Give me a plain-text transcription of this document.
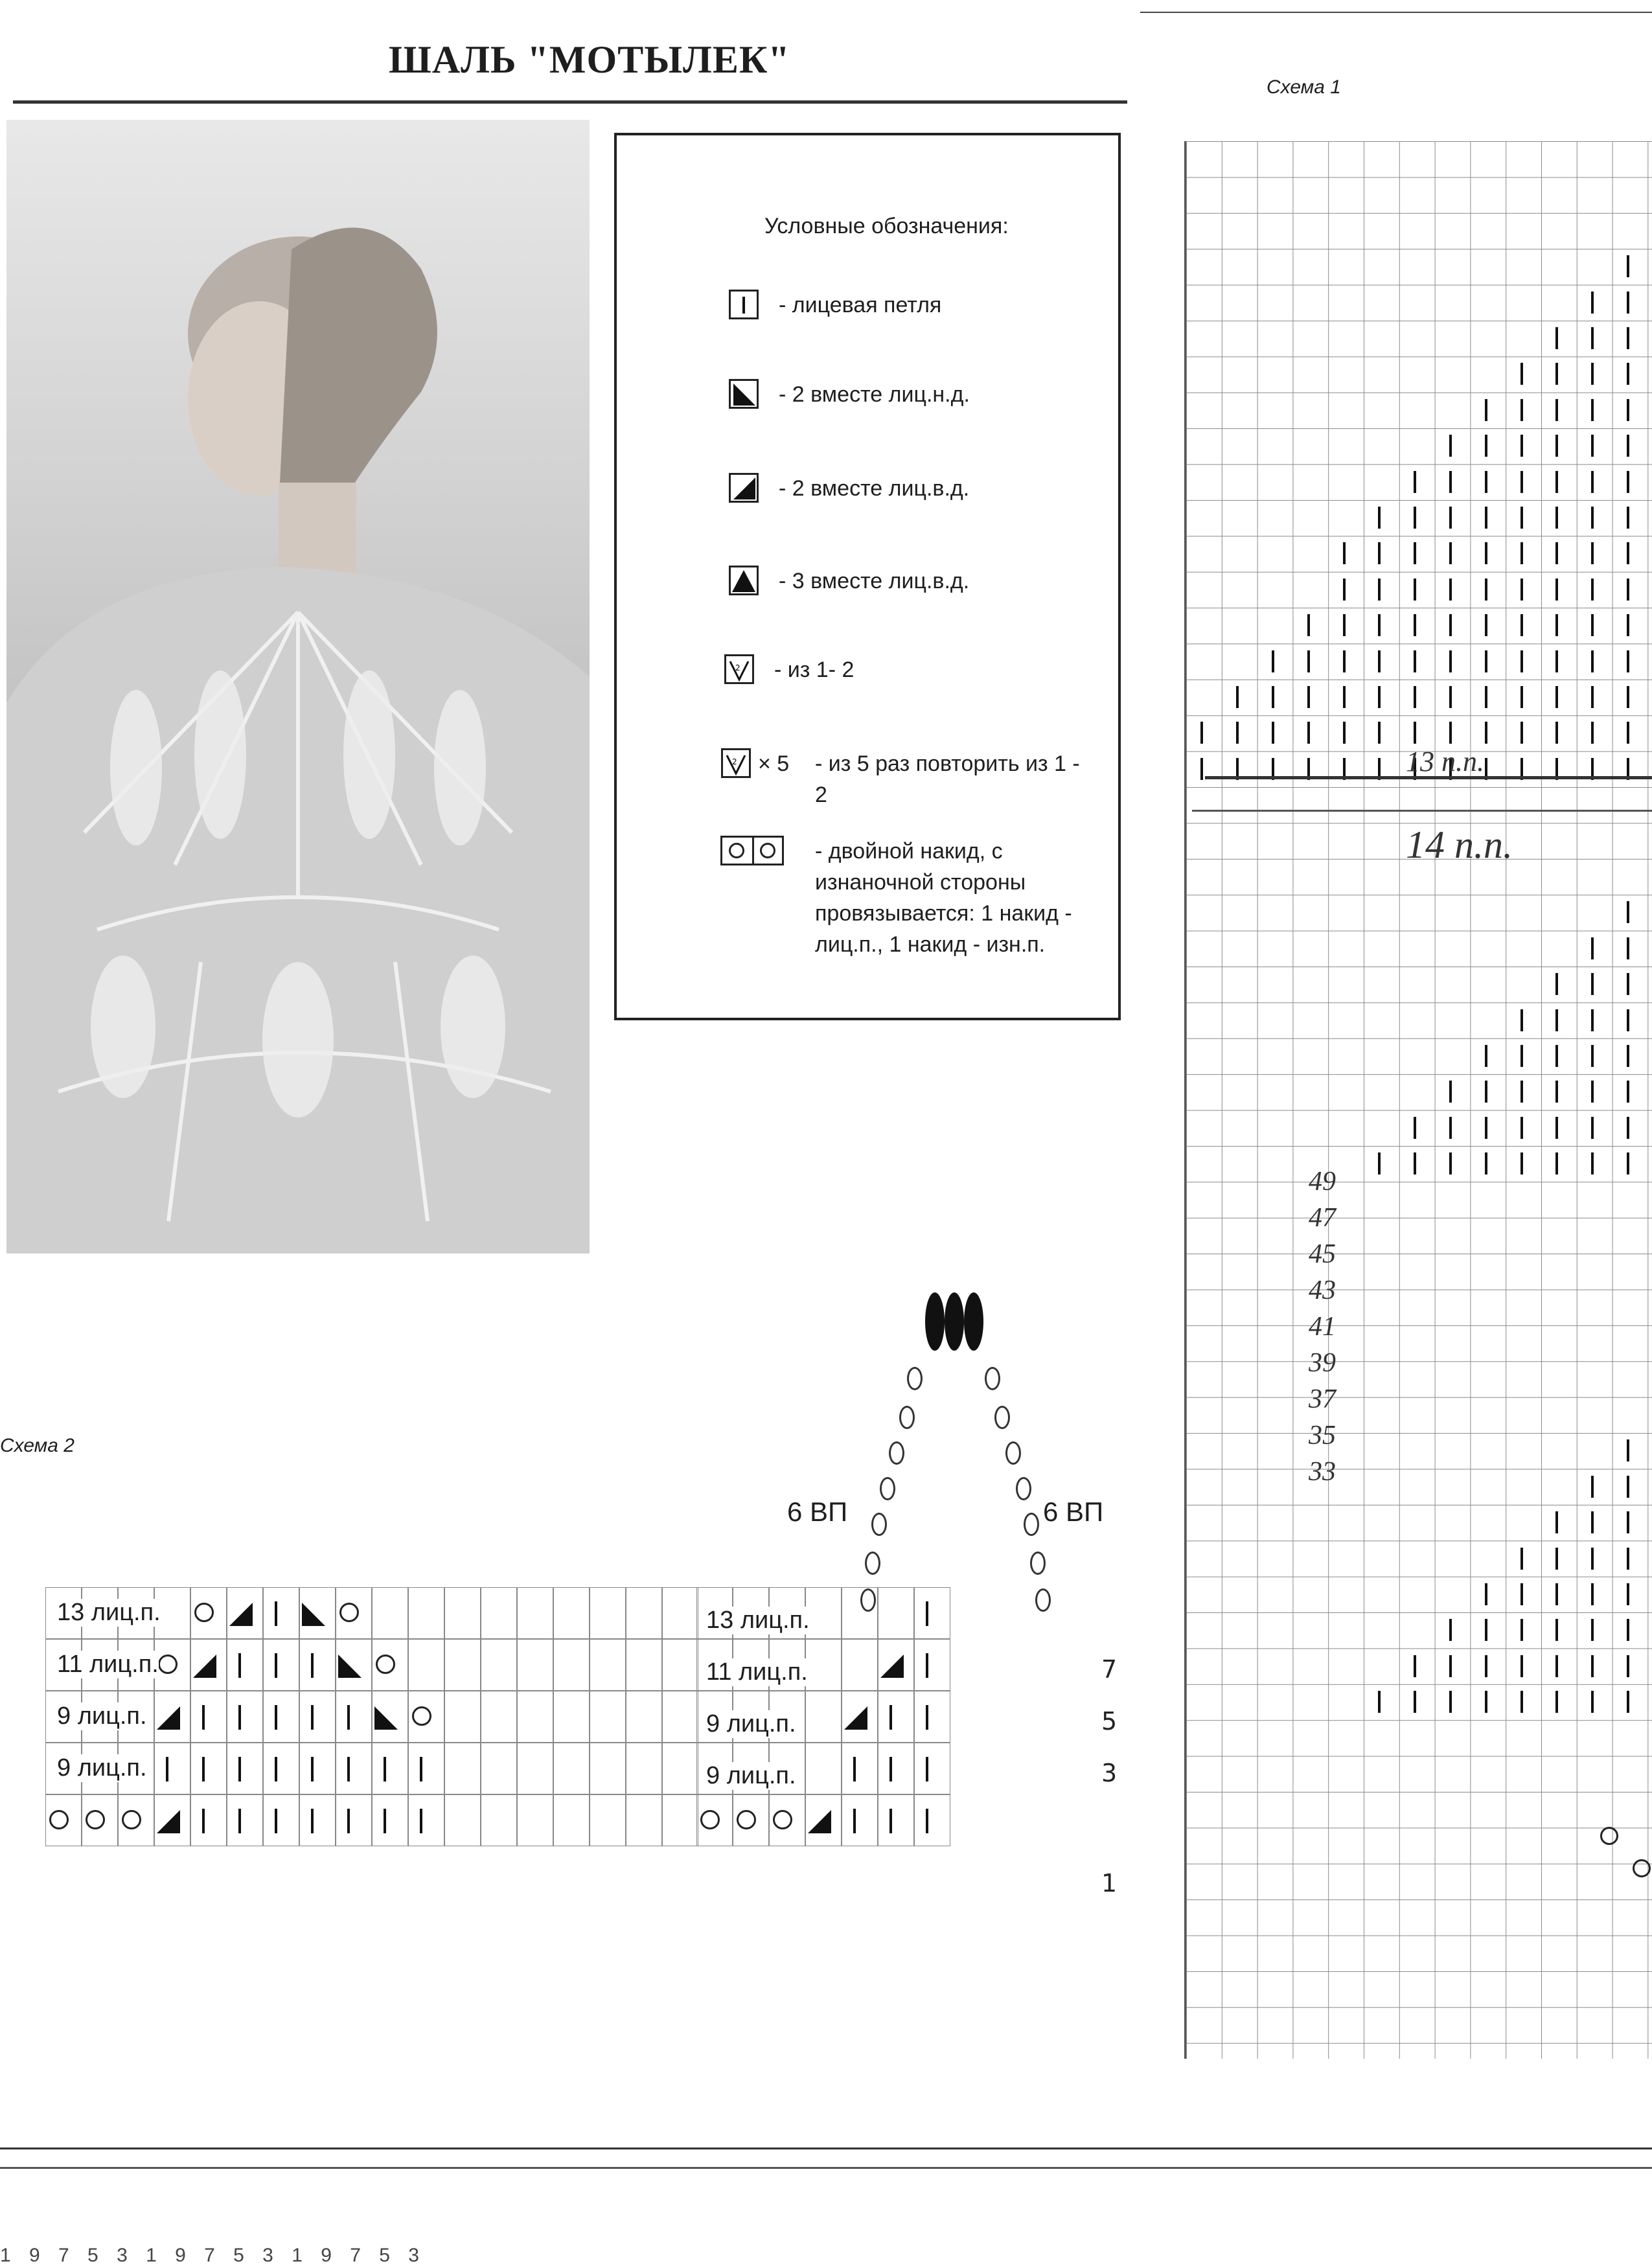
ШАЛЬ "МОТЫЛЕК"
Условные обозначения:
- лицевая петля
- 2 вместе лиц.н.д.
- 2 вместе лиц.в.д.
- 3 вместе лиц.в.д.
2 - из 1- 2
2 × 5 - из 5 раз повторить из 1 - 2
- двойной накид, с изнаночной стороны провязывается: 1 накид - лиц.п., 1 накид - изн.п.
Схема 1
13 п.п.
14 п.п.
49
47
45
43
41
39
37
35
33
Схема 2
6 ВП	6 ВП
13 лиц.п.
11 лиц.п.
9 лиц.п.
9 лиц.п.
13 лиц.п.
11 лиц.п.
9 лиц.п.
9 лиц.п.
7
5
3
1
1 9 7 5 3 1 9 7 5 3 1 9 7 5 3
